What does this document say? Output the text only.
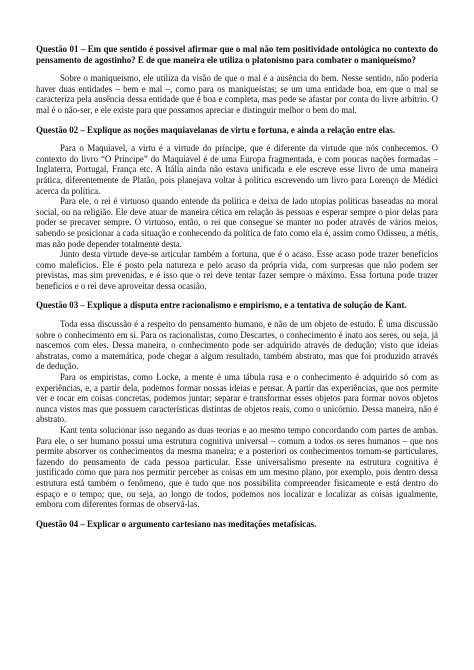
Questão 01 – Em que sentido é possível afirmar que o mal não tem positividade ontológica no contexto do pensamento de agostinho? E de que maneira ele utiliza o platonismo para combater o maniqueísmo?

Sobre o maniqueísmo, ele utiliza da visão de que o mal é a ausência do bem. Nesse sentido, não poderia haver duas entidades – bem e mal –, como para os maniqueístas; se um uma entidade boa, em que o mal se caracteriza pela ausência dessa entidade que é boa e completa, mas pode se afastar por conta do livre arbítrio. O mal é o não-ser, e ele existe para que possamos apreciar e distinguir melhor o bem do mal.

Questão 02 – Explique as noções maquiavelanas de virtu e fortuna, e ainda a relação entre elas.

Para o Maquiavel, a virtu é a virtude do príncipe, que é diferente da virtude que nós conhecemos. O contexto do livro “O Príncipe” do Maquiavel é de uma Europa fragmentada, e com poucas nações formadas – Inglaterra, Portugal, França etc. A Itália ainda não estava unificada e ele escreve esse livro de uma maneira prática, diferentemente de Platão, pois planejava voltar à política escrevendo um livro para Lorenço de Médici acerca da política.

Para ele, o rei é virtuoso quando entende da política e deixa de lado utopias políticas baseadas na moral social, ou na religião. Ele deve atuar de maneira cética em relação às pessoas e esperar sempre o pior delas para poder se precaver sempre. O virtuoso, então, o rei que consegue se manter no poder através de vários meios, sabendo se posicionar a cada situação e conhecendo da política de fato como ela é, assim como Odisseu, a métis, mas não pode depender totalmente desta.

Junto desta virtude deve-se articular também a fortuna, que é o acaso. Esse acaso pode trazer benefícios como malefícios. Ele é posto pela natureza e pelo acaso da própria vida, com surpresas que não podem ser previstas, mas sim prevenidas, e é isso que o rei deve tentar fazer sempre o máximo. Essa fortuna pode trazer benefícios e o rei deve aproveitar dessa ocasião.

Questão 03 – Explique a disputa entre racionalismo e empirismo, e a tentativa de solução de Kant.

Toda essa discussão é a respeito do pensamento humano, e não de um objeto de estudo. É uma discussão sobre o conhecimento em si. Para os racionalistas, como Descartes, o conhecimento é inato aos seres, ou seja, já nascemos com eles. Dessa maneira, o conhecimento pode ser adquirido através de dedução; visto que ideias abstratas, como a matemática, pode chegar a algum resultado, também abstrato, mas que foi produzido através de dedução.

Para os empiristas, como Locke, a mente é uma tábula rasa e o conhecimento é adquirido só com as experiências, e, a partir dela, podemos formar nossas ideias e pensar. A partir das experiências, que nos permite ver e tocar em coisas concretas, podemos juntar; separar e transformar esses objetos para formar novos objetos nunca vistos mas que possuem características distintas de objetos reais, como o unicórnio. Dessa maneira, não é abstrato.

Kant tenta solucionar isso negando as duas teorias e ao mesmo tempo concordando com partes de ambas. Para ele, o ser humano possui uma estrutura cognitiva universal – comum a todos os seres humanos – que nos permite absorver os conhecimentos da mesma maneira; e a posteriori os conhecimentos tornam-se particulares, fazendo do pensamento de cada pessoa particular. Esse universalismo presente na estrutura cognitiva é justificado como que para nos permitir perceber as coisas em um mesmo plano, por exemplo, pois dentro dessa estrutura está também o fenômeno, que é tudo que nos possibilita compreender fisicamente e está dentro do espaço e o tempo; que, ou seja, ao longo de todos, podemos nos localizar e localizar as coisas igualmente, embora com diferentes formas de observá-las.

Questão 04 – Explicar o argumento cartesiano nas meditações metafísicas.
